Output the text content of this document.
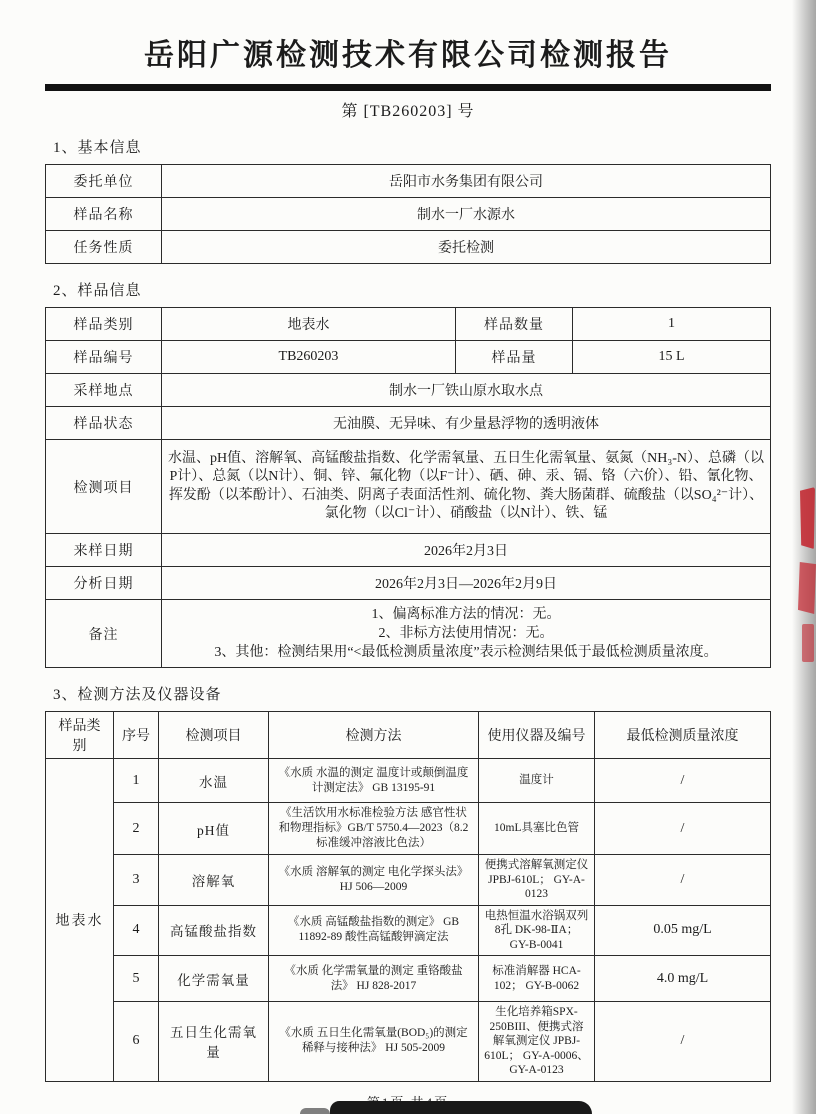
岳阳广源检测技术有限公司检测报告
第 [TB260203] 号
1、基本信息
委托单位	岳阳市水务集团有限公司
样品名称	制水一厂水源水
任务性质	委托检测
2、样品信息
样品类别	地表水	样品数量	1
样品编号	TB260203	样品量	15 L
采样地点	制水一厂铁山原水取水点		
样品状态	无油膜、无异味、有少量悬浮物的透明液体		
检测项目	水温、pH值、溶解氧、高锰酸盐指数、化学需氧量、五日生化需氧量、氨氮（NH₃-N）、总磷（以P计）、总氮（以N计）、铜、锌、氟化物（以F⁻计）、硒、砷、汞、镉、铬（六价）、铅、氰化物、挥发酚（以苯酚计）、石油类、阴离子表面活性剂、硫化物、粪大肠菌群、硫酸盐（以SO₄²⁻计）、氯化物（以Cl⁻计）、硝酸盐（以N计）、铁、锰		
来样日期	2026年2月3日		
分析日期	2026年2月3日—2026年2月9日		
备注	1、偏离标准方法的情况：无。
2、非标方法使用情况：无。
3、其他：检测结果用“<最低检测质量浓度”表示检测结果低于最低检测质量浓度。		
3、检测方法及仪器设备
样品类别	序号	检测项目	检测方法	使用仪器及编号	最低检测质量浓度
地表水	1	水温	《水质 水温的测定 温度计或颠倒温度计测定法》 GB 13195-91	温度计	/
	2	pH值	《生活饮用水标准检验方法 感官性状和物理指标》GB/T 5750.4—2023（8.2标准缓冲溶液比色法）	10mL具塞比色管	/
	3	溶解氧	《水质 溶解氧的测定 电化学探头法》 HJ 506—2009	便携式溶解氧测定仪 JPBJ-610L； GY-A-0123	/
	4	高锰酸盐指数	《水质 高锰酸盐指数的测定》 GB 11892-89 酸性高锰酸钾滴定法	电热恒温水浴锅双列8孔 DK-98-ⅡA； GY-B-0041	0.05 mg/L
	5	化学需氧量	《水质 化学需氧量的测定 重铬酸盐法》 HJ 828-2017	标准消解器 HCA-102； GY-B-0062	4.0 mg/L
	6	五日生化需氧量	《水质 五日生化需氧量(BOD₅)的测定 稀释与接种法》 HJ 505-2009	生化培养箱SPX-250BIII、便携式溶解氧测定仪 JPBJ-610L； GY-A-0006、GY-A-0123	/
